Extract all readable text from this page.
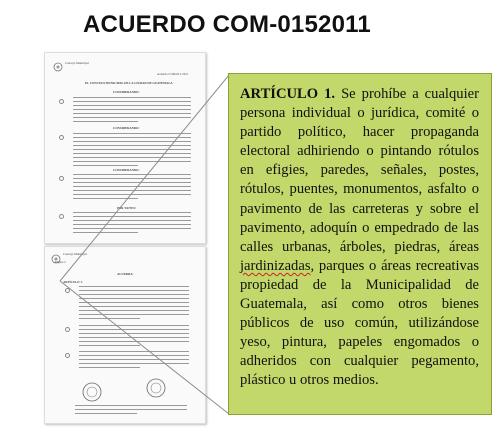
ACUERDO COM-0152011
Concejo Municipal
Acuerdo COM-015-2011
EL CONCEJO MUNICIPAL DE LA CIUDAD DE GUATEMALA
CONSIDERANDO:
CONSIDERANDO:
CONSIDERANDO:
POR TANTO:
Concejo Municipal
Página 2
ACUERDA:
ARTÍCULO 1.
ARTÍCULO 1. Se prohíbe a cualquier persona individual o jurídica, comité o partido político, hacer propaganda electoral adhiriendo o pintando rótulos en efigies, paredes, señales, postes, rótulos, puentes, monumentos, asfalto o pavimento de las carreteras y sobre el pavimento, adoquín o empedrado de las calles urbanas, árboles, piedras, áreas jardinizadas, parques o áreas recreativas propiedad de la Municipalidad de Guatemala, así como otros bienes públicos de uso común, utilizándose yeso, pintura, papeles engomados o adheridos con cualquier pegamento, plástico u otros medios.
